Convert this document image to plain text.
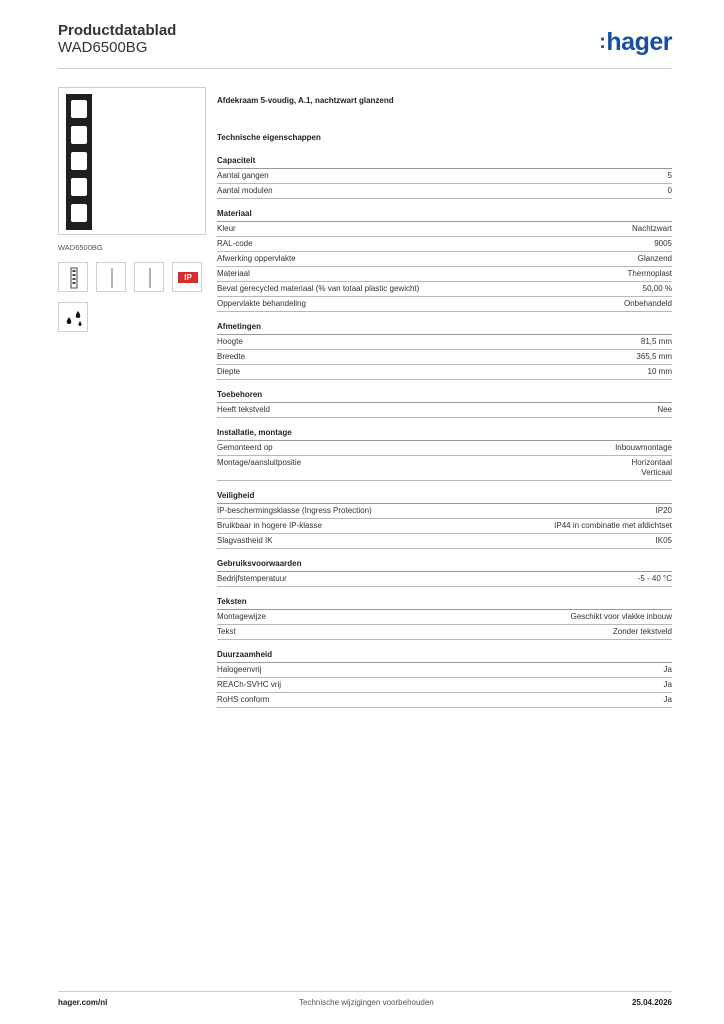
Productdatablad
WAD6500BG	:hager
WAD6500BG
IP
Afdekraam 5-voudig, A.1, nachtzwart glanzend
Technische eigenschappen
Capaciteit
Aantal gangen	5
Aantal modulen	0
Materiaal
Kleur	Nachtzwart
RAL-code	9005
Afwerking oppervlakte	Glanzend
Materiaal	Thermoplast
Bevat gerecycled materiaal (% van totaal plastic gewicht)	50,00 %
Oppervlakte behandeling	Onbehandeld
Afmetingen
Hoogte	81,5 mm
Breedte	365,5 mm
Diepte	10 mm
Toebehoren
Heeft tekstveld	Nee
Installatie, montage
Gemonteerd op	Inbouwmontage
Montage/aansluitpositie	Horizontaal
Verticaal
Veiligheid
IP-beschermingsklasse (Ingress Protection)	IP20
Bruikbaar in hogere IP-klasse	IP44 in combinatie met afdichtset
Slagvastheid IK	IK05
Gebruiksvoorwaarden
Bedrijfstemperatuur	-5 - 40 °C
Teksten
Montagewijze	Geschikt voor vlakke inbouw
Tekst	Zonder tekstveld
Duurzaamheid
Halogeenvrij	Ja
REACh-SVHC vrij	Ja
RoHS conform	Ja
hager.com/nl	Technische wijzigingen voorbehouden	25.04.2026
